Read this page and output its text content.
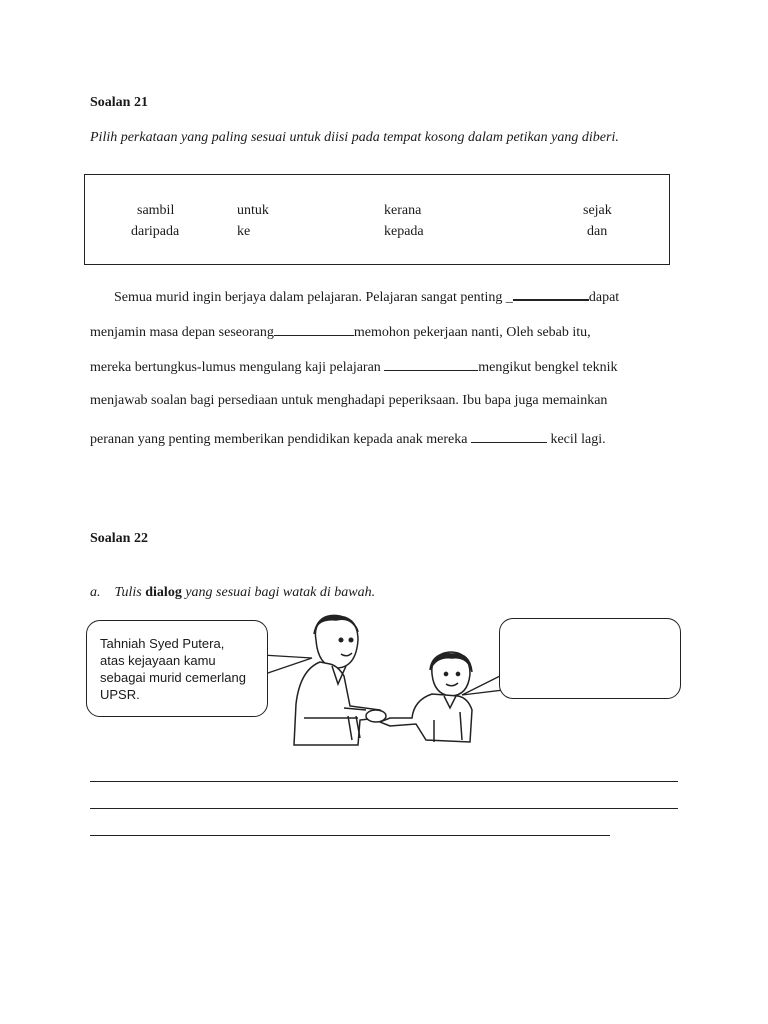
Soalan 21
Pilih perkataan yang paling sesuai untuk diisi pada tempat kosong dalam petikan yang diberi.
sambil	untuk	kerana	sejak
daripada	ke	kepada	dan
Semua murid ingin berjaya dalam pelajaran. Pelajaran sangat penting _	dapat
menjamin masa depan seseorang	memohon pekerjaan nanti, Oleh sebab itu,
mereka bertungkus-lumus mengulang kaji pelajaran	mengikut bengkel teknik
menjawab soalan bagi persediaan untuk menghadapi peperiksaan. Ibu bapa juga memainkan
peranan yang penting memberikan pendidikan kepada anak mereka	kecil lagi.
Soalan 22
a. Tulis dialog yang sesuai bagi watak di bawah.
Tahniah Syed Putera,
atas kejayaan kamu
sebagai murid cemerlang
UPSR.
